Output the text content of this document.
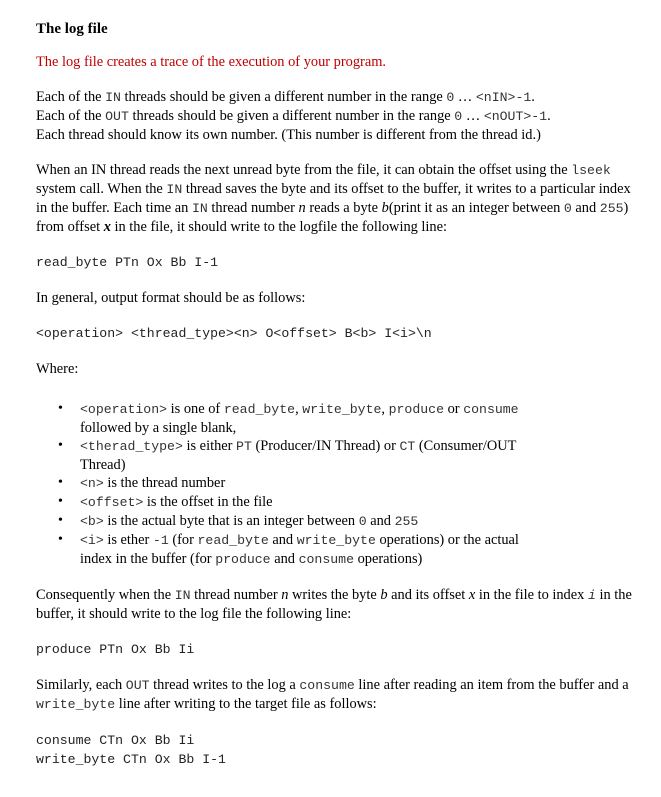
The log file
The log file creates a trace of the execution of your program.

Each of the IN threads should be given a different number in the range 0 … <nIN>-1.

Each of the OUT threads should be given a different number in the range 0 … <nOUT>-1.

Each thread should know its own number. (This number is different from the thread id.)

When an IN thread reads the next unread byte from the file, it can obtain the offset using the lseek system call. When the IN thread saves the byte and its offset to the buffer, it writes to a particular index in the buffer. Each time an IN thread number n reads a byte b(print it as an integer between 0 and 255) from offset x in the file, it should write to the logfile the following line:

read_byte PTn Ox Bb I-1
In general, output format should be as follows:
<operation> <thread_type><n> O<offset> B<b> I<i>\n
Where:
• <operation> is one of read_byte, write_byte, produce or consume
followed by a single blank,
• <therad_type> is either PT (Producer/IN Thread) or CT (Consumer/OUT
Thread)
• <n> is the thread number
• <offset> is the offset in the file
• <b> is the actual byte that is an integer between 0 and 255
• <i> is ether -1 (for read_byte and write_byte operations) or the actual
index in the buffer (for produce and consume operations)

Consequently when the IN thread number n writes the byte b and its offset x in the file to index i in the buffer, it should write to the log file the following line:

produce PTn Ox Bb Ii

Similarly, each OUT thread writes to the log a consume line after reading an item from the buffer and a write_byte line after writing to the target file as follows:

consume CTn Ox Bb Ii
write_byte CTn Ox Bb I-1
